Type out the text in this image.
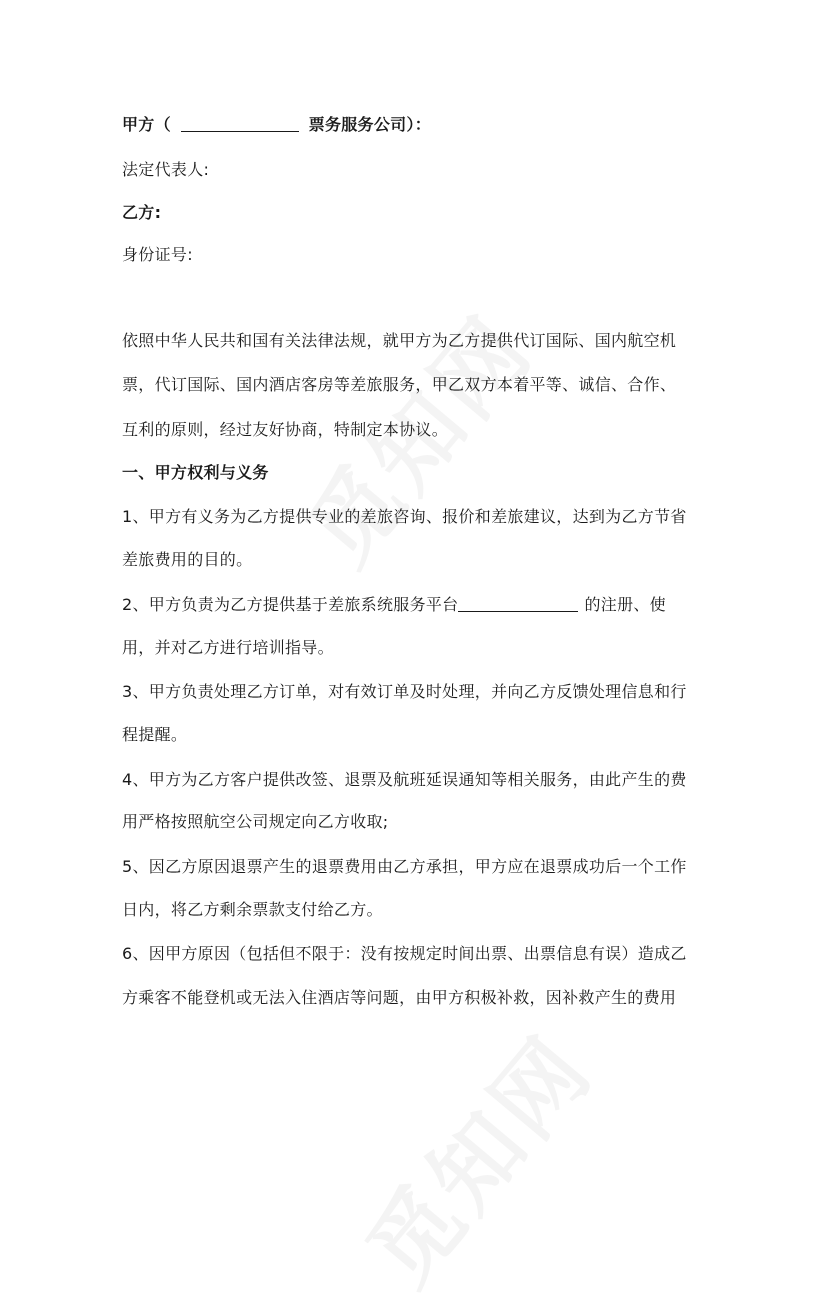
甲方（	票务服务公司）：
法定代表人:
乙方:
身份证号:
依照中华人民共和国有关法律法规，就甲方为乙方提供代订国际、国内航空机
票，代订国际、国内酒店客房等差旅服务，甲乙双方本着平等、诚信、合作、
互利的原则，经过友好协商，特制定本协议。
一、甲方权利与义务
1、甲方有义务为乙方提供专业的差旅咨询、报价和差旅建议，达到为乙方节省
差旅费用的目的。
2、甲方负责为乙方提供基于差旅系统服务平台	的注册、使
用，并对乙方进行培训指导。
3、甲方负责处理乙方订单，对有效订单及时处理，并向乙方反馈处理信息和行
程提醒。
4、甲方为乙方客户提供改签、退票及航班延误通知等相关服务，由此产生的费
用严格按照航空公司规定向乙方收取;
5、因乙方原因退票产生的退票费用由乙方承担，甲方应在退票成功后一个工作
日内，将乙方剩余票款支付给乙方。
6、因甲方原因（包括但不限于：没有按规定时间出票、出票信息有误）造成乙
方乘客不能登机或无法入住酒店等问题，由甲方积极补救，因补救产生的费用
